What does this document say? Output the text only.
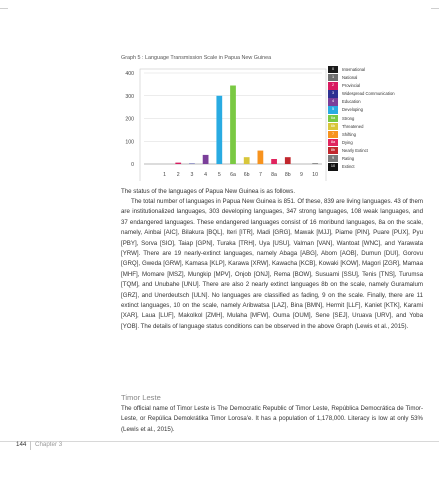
Graph 5 : Language Transmission Scale in Papua New Guinea
0
100
200
300
400
1 2 3 4 5 6a 6b 7 8a 8b 9 10
0	International
1	National
2	Provincial
3	Widespread Communication
4	Education
5	Developing
6a	Strong
6b	Threatened
7	Shifting
8a	Dying
8b	Nearly Extinct
9	Rating
10	Extinct
The status of the languages of Papua New Guinea is as follows.
The total number of languages in Papua New Guinea is 851. Of these, 839 are living languages. 43 of them are institutionalized languages, 303 developing languages, 347 strong languages, 108 weak languages, and 37 endangered languages. These endangered languages consist of 16 moribund languages, 8a on the scale, namely, Ainbai [AIC], Bilakura [BQL], Iteri [ITR], Madi [GRG], Mawak [MJJ], Piame [PIN], Puare [PUX], Pyu [PBY], Sorva [SIO], Taiap [GPN], Turaka [TRH], Uya [USU], Valman [VAN], Wantoat [WNC], and Yarawata [YRW]. There are 19 nearly-extinct languages, namely Abaga [ABG], Abom [AOB], Dumun [DUI], Gorovu [GRQ], Gweda [GRW], Kamasa [KLP], Karawa [XRW], Kawacha [KCB], Kowaki [KOW], Magori [ZGR], Mamaa [MHF], Momare [MSZ], Mungkip [MPV], Onjob [ONJ], Rema [BOW], Susuami [SSU], Tenis [TNS], Turumsa [TQM], and Unubahe [UNU]. There are also 2 nearly extinct languages 8b on the scale, namely Guramalum [GRZ], and Unerdeutsch [ULN]. No languages are classified as fading, 9 on the scale. Finally, there are 11 extinct languages, 10 on the scale, namely Aribwatsa [LAZ], Bina [BMN], Hermit [LLF], Kaniet [KTK], Karami [XAR], Laua [LUF], Makolkol [ZMH], Mulaha [MFW], Ouma [OUM], Sene [SEJ], Uruava [URV], and Yoba [YOB]. The details of language status conditions can be observed in the above Graph (Lewis et al., 2015).
Timor Leste
The official name of Timor Leste is The Democratic Republic of Timor Leste, República Democrática de Timor-Leste, or Repúlica Demokrátika Timor Lorosa'e. It has a population of 1,178,000. Literacy is low at only 53% (Lewis et al., 2015).
144 Chapter 3
